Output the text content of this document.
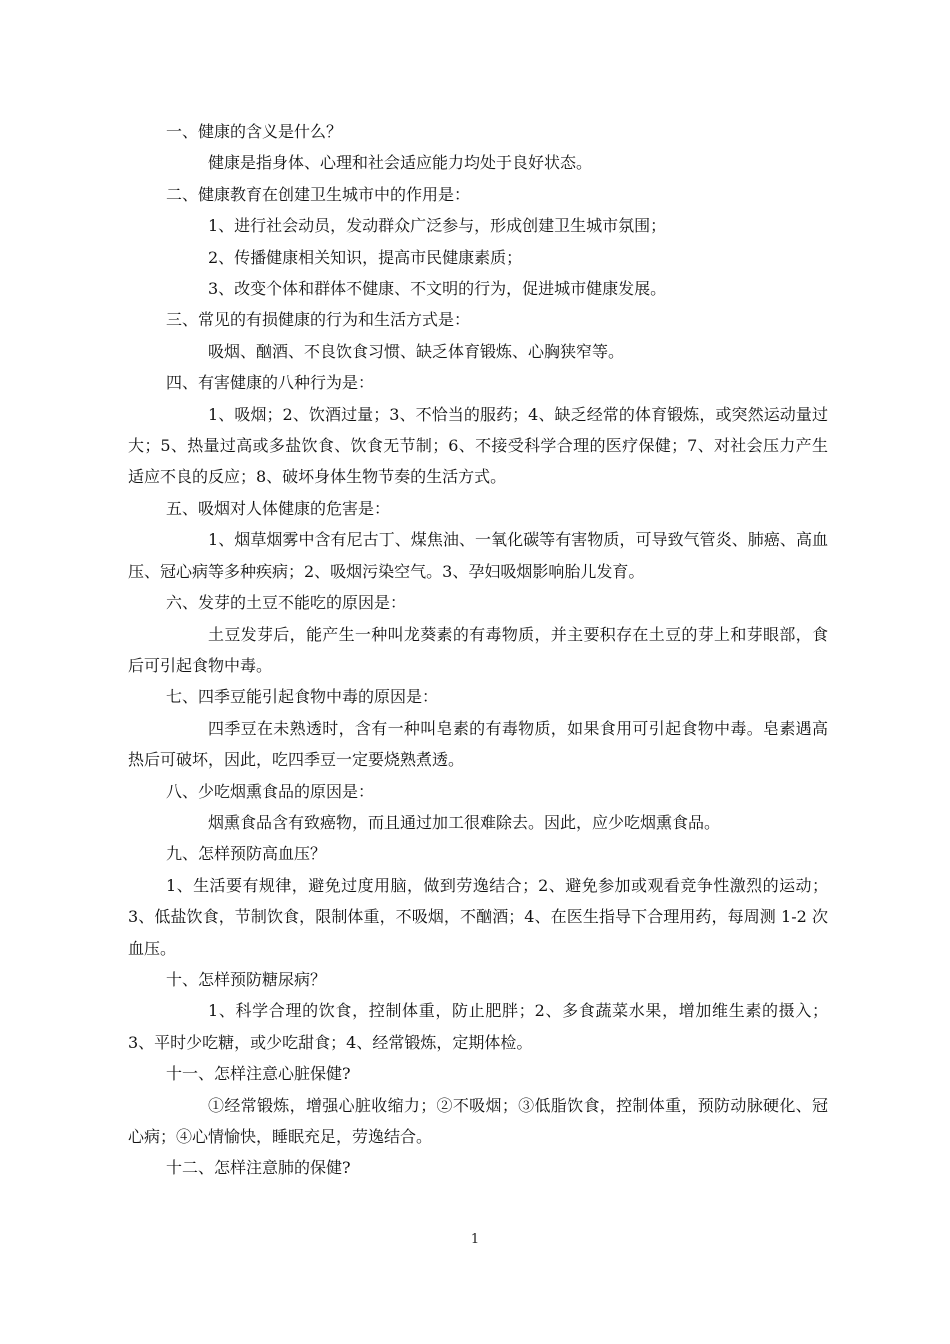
一、健康的含义是什么？

健康是指身体、心理和社会适应能力均处于良好状态。

二、健康教育在创建卫生城市中的作用是：

1、进行社会动员，发动群众广泛参与，形成创建卫生城市氛围；

2、传播健康相关知识，提高市民健康素质；

3、改变个体和群体不健康、不文明的行为，促进城市健康发展。

三、常见的有损健康的行为和生活方式是：

吸烟、酗酒、不良饮食习惯、缺乏体育锻炼、心胸狭窄等。

四、有害健康的八种行为是：

1、吸烟；2、饮酒过量；3、不恰当的服药；4、缺乏经常的体育锻炼，或突然运动量过大；5、热量过高或多盐饮食、饮食无节制；6、不接受科学合理的医疗保健；7、对社会压力产生适应不良的反应；8、破坏身体生物节奏的生活方式。

五、吸烟对人体健康的危害是：

1、烟草烟雾中含有尼古丁、煤焦油、一氧化碳等有害物质，可导致气管炎、肺癌、高血压、冠心病等多种疾病；2、吸烟污染空气。3、孕妇吸烟影响胎儿发育。

六、发芽的土豆不能吃的原因是：

土豆发芽后，能产生一种叫龙葵素的有毒物质，并主要积存在土豆的芽上和芽眼部，食后可引起食物中毒。

七、四季豆能引起食物中毒的原因是：

四季豆在未熟透时，含有一种叫皂素的有毒物质，如果食用可引起食物中毒。皂素遇高热后可破坏，因此，吃四季豆一定要烧熟煮透。

八、少吃烟熏食品的原因是：

烟熏食品含有致癌物，而且通过加工很难除去。因此，应少吃烟熏食品。

九、怎样预防高血压？

1、生活要有规律，避免过度用脑，做到劳逸结合；2、避免参加或观看竞争性激烈的运动；3、低盐饮食，节制饮食，限制体重，不吸烟，不酗酒；4、在医生指导下合理用药，每周测 1-2 次血压。

十、怎样预防糖尿病？

1、科学合理的饮食，控制体重，防止肥胖；2、多食蔬菜水果，增加维生素的摄入；3、平时少吃糖，或少吃甜食；4、经常锻炼，定期体检。

十一、怎样注意心脏保健?

①经常锻炼，增强心脏收缩力；②不吸烟；③低脂饮食，控制体重，预防动脉硬化、冠心病；④心情愉快，睡眠充足，劳逸结合。

十二、怎样注意肺的保健?

1
